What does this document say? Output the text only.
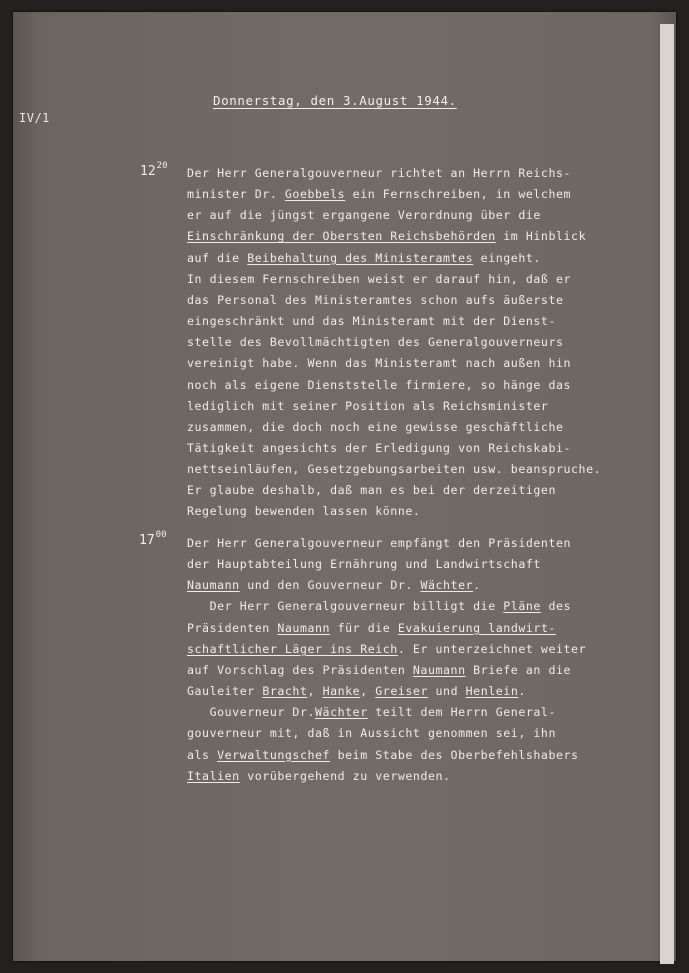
IV/1
Donnerstag, den 3.August 1944.
$12^{20}$
$17^{00}$
Der Herr Generalgouverneur richtet an Herrn Reichs-
minister Dr. Goebbels ein Fernschreiben, in welchem
er auf die jüngst ergangene Verordnung über die
Einschränkung der Obersten Reichsbehörden im Hinblick
auf die Beibehaltung des Ministeramtes eingeht.
In diesem Fernschreiben weist er darauf hin, daß er
das Personal des Ministeramtes schon aufs äußerste
eingeschränkt und das Ministeramt mit der Dienst-
stelle des Bevollmächtigten des Generalgouverneurs
vereinigt habe. Wenn das Ministeramt nach außen hin
noch als eigene Dienststelle firmiere, so hänge das
lediglich mit seiner Position als Reichsminister
zusammen, die doch noch eine gewisse geschäftliche
Tätigkeit angesichts der Erledigung von Reichskabi-
nettseinläufen, Gesetzgebungsarbeiten usw. beanspruche.
Er glaube deshalb, daß man es bei der derzeitigen
Regelung bewenden lassen könne.
Der Herr Generalgouverneur empfängt den Präsidenten
der Hauptabteilung Ernährung und Landwirtschaft
Naumann und den Gouverneur Dr. Wächter.
Der Herr Generalgouverneur billigt die Pläne des
Präsidenten Naumann für die Evakuierung landwirt-
schaftlicher Läger ins Reich. Er unterzeichnet weiter
auf Vorschlag des Präsidenten Naumann Briefe an die
Gauleiter Bracht, Hanke, Greiser und Henlein.
Gouverneur Dr.Wächter teilt dem Herrn General-
gouverneur mit, daß in Aussicht genommen sei, ihn
als Verwaltungschef beim Stabe des Oberbefehlshabers
Italien vorübergehend zu verwenden.
